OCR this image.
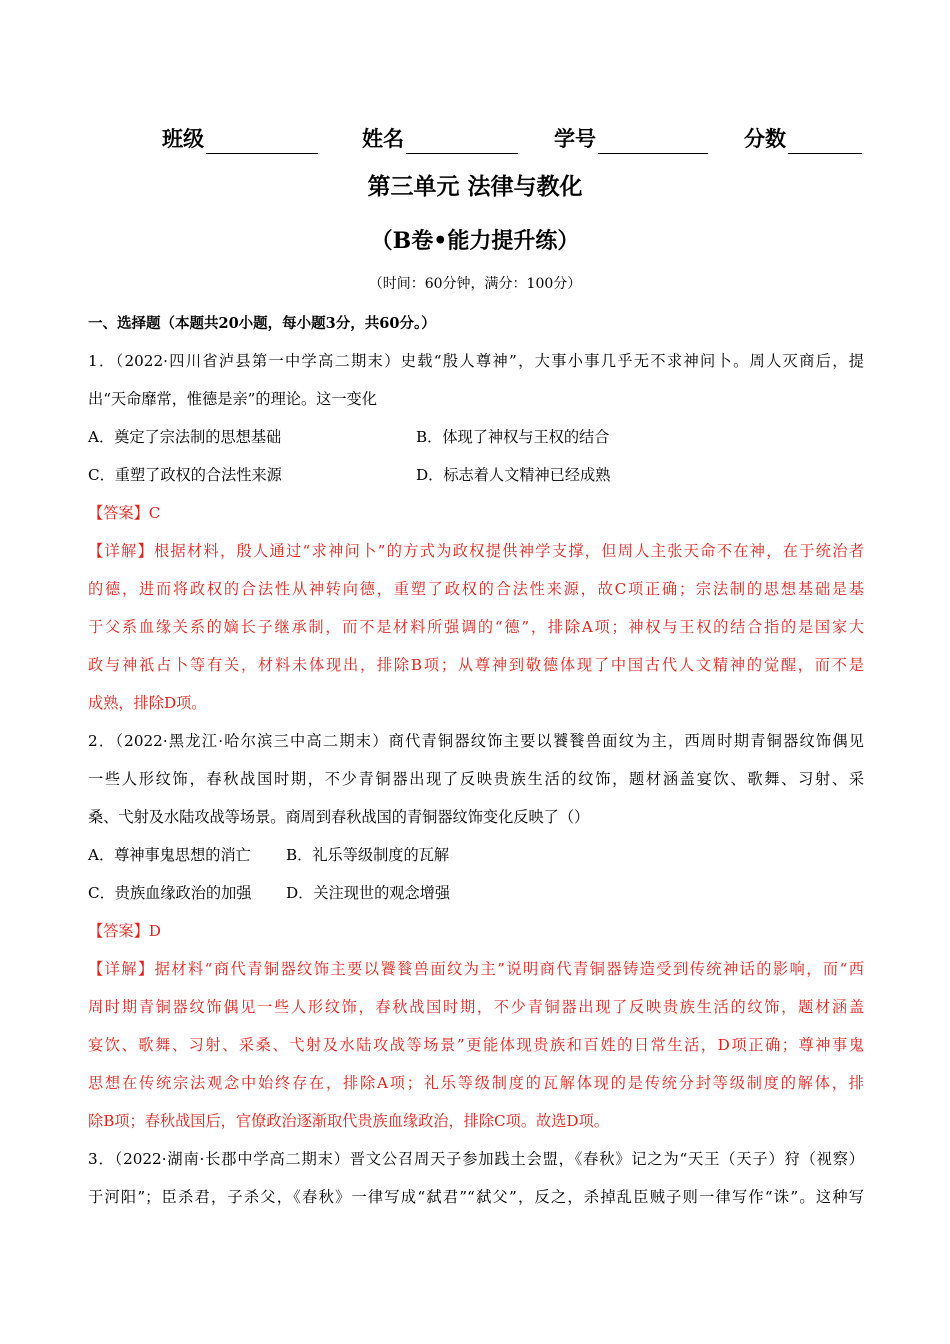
班级	姓名	学号	分数
第三单元 法律与教化
（B卷•能力提升练）
（时间：60分钟，满分：100分）
一、选择题（本题共20小题，每小题3分，共60分。）
1．（2022·四川省泸县第一中学高二期末）史载“殷人尊神”，大事小事几乎无不求神问卜。周人灭商后，提
出“天命靡常，惟德是亲”的理论。这一变化
A．奠定了宗法制的思想基础	B．体现了神权与王权的结合
C．重塑了政权的合法性来源	D．标志着人文精神已经成熟
【答案】C
【详解】根据材料，殷人通过“求神问卜”的方式为政权提供神学支撑，但周人主张天命不在神，在于统治者
的德，进而将政权的合法性从神转向德，重塑了政权的合法性来源，故C项正确；宗法制的思想基础是基
于父系血缘关系的嫡长子继承制，而不是材料所强调的“德”，排除A项；神权与王权的结合指的是国家大
政与神祇占卜等有关，材料未体现出，排除B项；从尊神到敬德体现了中国古代人文精神的觉醒，而不是
成熟，排除D项。
2．（2022·黑龙江·哈尔滨三中高二期末）商代青铜器纹饰主要以饕餮兽面纹为主，西周时期青铜器纹饰偶见
一些人形纹饰，春秋战国时期，不少青铜器出现了反映贵族生活的纹饰，题材涵盖宴饮、歌舞、习射、采
桑、弋射及水陆攻战等场景。商周到春秋战国的青铜器纹饰变化反映了（）
A．尊神事鬼思想的消亡 B．礼乐等级制度的瓦解
C．贵族血缘政治的加强 D．关注现世的观念增强
【答案】D
【详解】据材料“商代青铜器纹饰主要以饕餮兽面纹为主”说明商代青铜器铸造受到传统神话的影响，而“西
周时期青铜器纹饰偶见一些人形纹饰，春秋战国时期，不少青铜器出现了反映贵族生活的纹饰，题材涵盖
宴饮、歌舞、习射、采桑、弋射及水陆攻战等场景”更能体现贵族和百姓的日常生活，D项正确；尊神事鬼
思想在传统宗法观念中始终存在，排除A项；礼乐等级制度的瓦解体现的是传统分封等级制度的解体，排
除B项；春秋战国后，官僚政治逐渐取代贵族血缘政治，排除C项。故选D项。
3．（2022·湖南·长郡中学高二期末）晋文公召周天子参加践土会盟，《春秋》记之为“天王（天子）狩（视察）
于河阳”；臣杀君，子杀父，《春秋》一律写成“弑君”“弑父”，反之，杀掉乱臣贼子则一律写作“诛”。这种写
